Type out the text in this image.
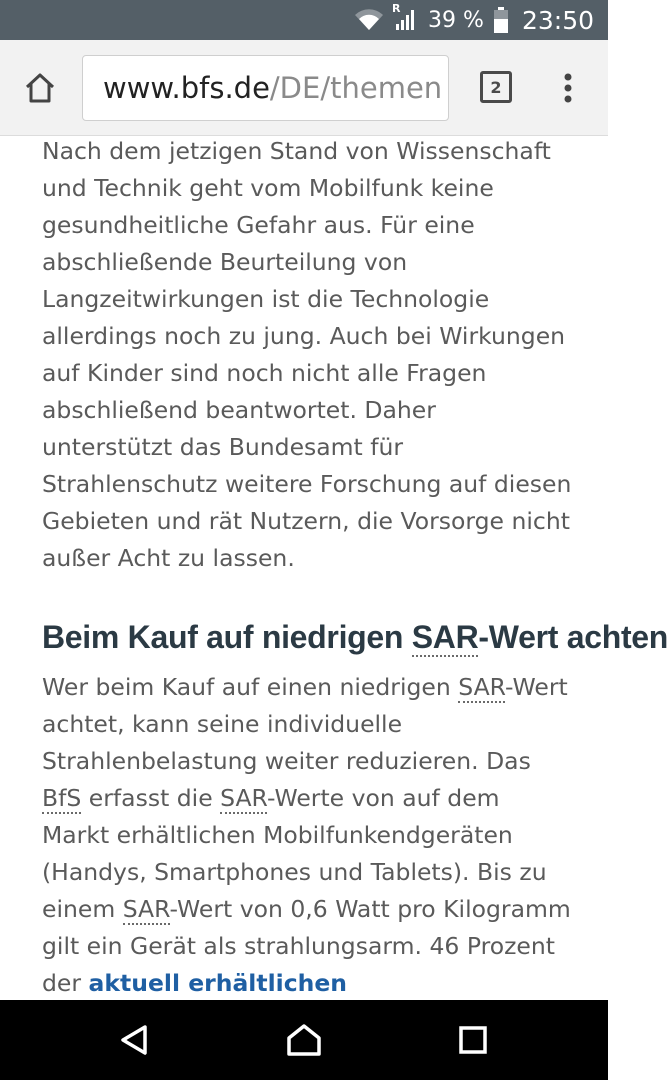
R 39 % 23:50
www.bfs.de/DE/themen	2

Nach dem jetzigen Stand von Wissenschaft und Technik geht vom Mobilfunk keine gesundheitliche Gefahr aus. Für eine abschließende Beurteilung von Langzeitwirkungen ist die Technologie allerdings noch zu jung. Auch bei Wirkungen auf Kinder sind noch nicht alle Fragen abschließend beantwortet. Daher unterstützt das Bundesamt für Strahlenschutz weitere Forschung auf diesen Gebieten und rät Nutzern, die Vorsorge nicht außer Acht zu lassen.

Beim Kauf auf niedrigen SAR-Wert achten

Wer beim Kauf auf einen niedrigen SAR-Wert achtet, kann seine individuelle Strahlenbelastung weiter reduzieren. Das BfS erfasst die SAR-Werte von auf dem Markt erhältlichen Mobilfunkendgeräten (Handys, Smartphones und Tablets). Bis zu einem SAR-Wert von 0,6 Watt pro Kilogramm gilt ein Gerät als strahlungsarm. 46 Prozent der aktuell erhältlichen
